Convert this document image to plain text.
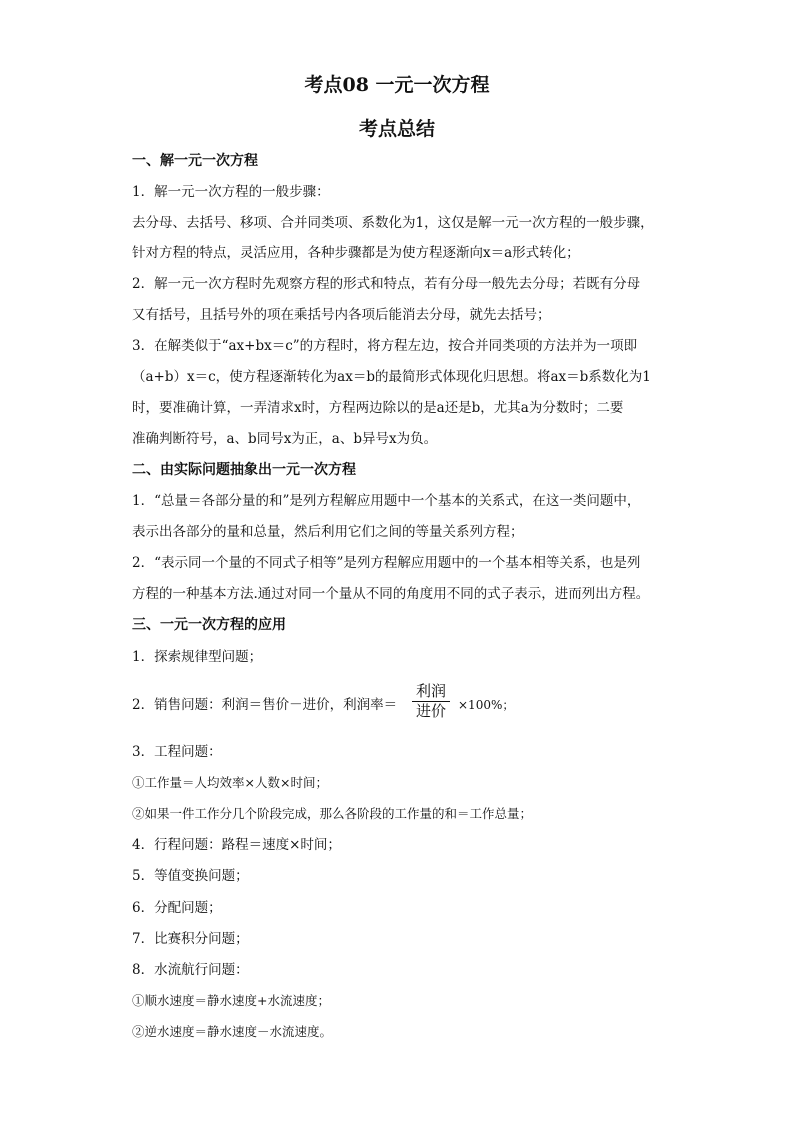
考点08 一元一次方程
考点总结
一、解一元一次方程
1．解一元一次方程的一般步骤：
去分母、去括号、移项、合并同类项、系数化为1，这仅是解一元一次方程的一般步骤，
针对方程的特点，灵活应用，各种步骤都是为使方程逐渐向x＝a形式转化；
2．解一元一次方程时先观察方程的形式和特点，若有分母一般先去分母；若既有分母
又有括号，且括号外的项在乘括号内各项后能消去分母，就先去括号；
3．在解类似于“ax+bx＝c”的方程时，将方程左边，按合并同类项的方法并为一项即
（a+b）x＝c，使方程逐渐转化为ax＝b的最简形式体现化归思想。将ax＝b系数化为1
时，要准确计算，一弄清求x时，方程两边除以的是a还是b，尤其a为分数时；二要
准确判断符号，a、b同号x为正，a、b异号x为负。
二、由实际问题抽象出一元一次方程
1．“总量＝各部分量的和”是列方程解应用题中一个基本的关系式，在这一类问题中，
表示出各部分的量和总量，然后利用它们之间的等量关系列方程；
2．“表示同一个量的不同式子相等”是列方程解应用题中的一个基本相等关系，也是列
方程的一种基本方法.通过对同一个量从不同的角度用不同的式子表示，进而列出方程。
三、一元一次方程的应用
1．探索规律型问题；
2．销售问题：利润＝售价－进价，利润率＝
利润
进价 ×100%；
3．工程问题：
①工作量＝人均效率×人数×时间；
②如果一件工作分几个阶段完成，那么各阶段的工作量的和＝工作总量；
4．行程问题：路程＝速度×时间；
5．等值变换问题；
6．分配问题；
7．比赛积分问题；
8．水流航行问题：
①顺水速度＝静水速度+水流速度；
②逆水速度＝静水速度－水流速度。
